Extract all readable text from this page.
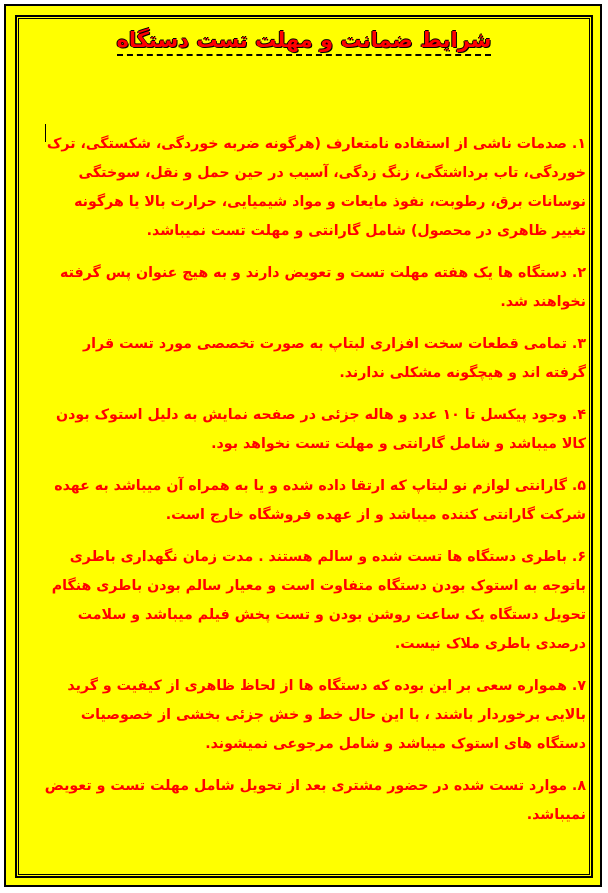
شرایط ضمانت و مهلت تست دستگاه

۱. صدمات ناشی از استفاده نامتعارف (هرگونه ضربه خوردگی، شکستگی، ترک خوردگی، تاب برداشتگی، زنگ زدگی، آسیب در حین حمل و نقل، سوختگی نوسانات برق، رطوبت، نفوذ مایعات و مواد شیمیایی، حرارت بالا یا هرگونه تغییر ظاهری در محصول) شامل گارانتی و مهلت تست نمیباشد.

۲. دستگاه ها یک هفته مهلت تست و تعویض دارند و به هیچ عنوان پس گرفته نخواهند شد.

۳. تمامی قطعات سخت افزاری لبتاپ به صورت تخصصی مورد تست قرار گرفته اند و هیچگونه مشکلی ندارند.

۴. وجود پیکسل تا ۱۰ عدد و هاله جزئی در صفحه نمایش به دلیل استوک بودن کالا میباشد و شامل گارانتی و مهلت تست نخواهد بود.

۵. گارانتی لوازم نو لبتاپ که ارتقا داده شده و یا به همراه آن میباشد به عهده شرکت گارانتی کننده میباشد و از عهده فروشگاه خارج است.

۶. باطری دستگاه ها تست شده و سالم هستند . مدت زمان نگهداری باطری باتوجه به استوک بودن دستگاه متفاوت است و معیار سالم بودن باطری هنگام تحویل دستگاه یک ساعت روشن بودن و تست پخش فیلم میباشد و سلامت درصدی باطری ملاک نیست.

۷. همواره سعی بر این بوده که دستگاه ها از لحاظ ظاهری از کیفیت و گرید بالایی برخوردار باشند ، با این حال خط و خش جزئی بخشی از خصوصیات دستگاه های استوک میباشد و شامل مرجوعی نمیشوند.

۸. موارد تست شده در حضور مشتری بعد از تحویل شامل مهلت تست و تعویض نمیباشد.
